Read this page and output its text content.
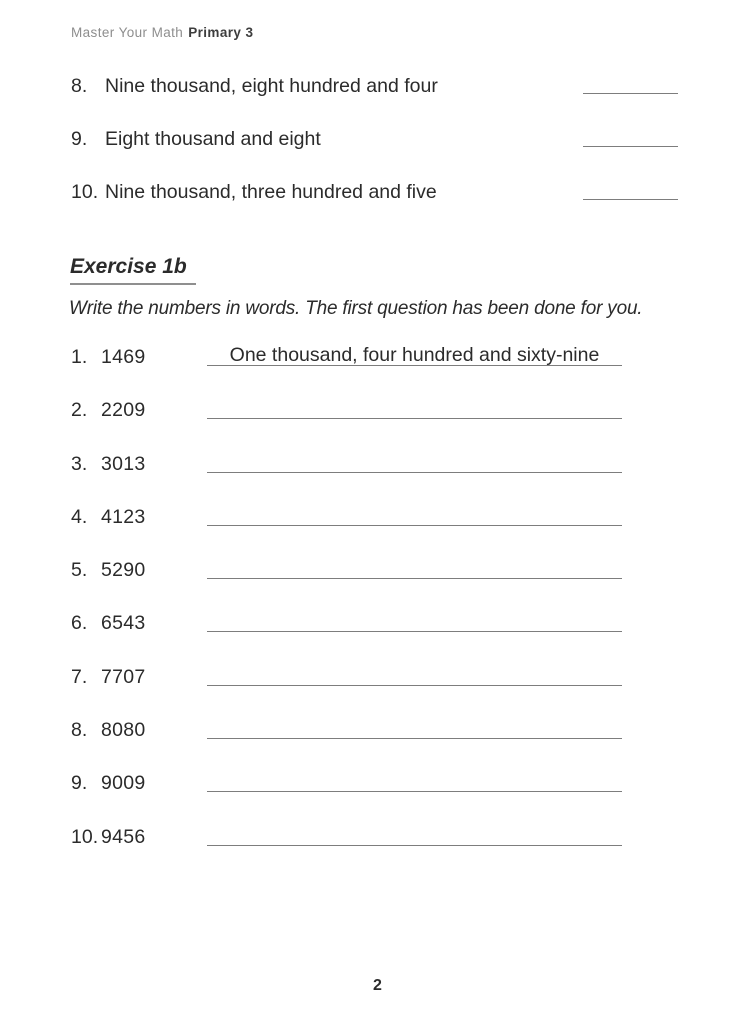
Master Your Math Primary 3
8. Nine thousand, eight hundred and four
9. Eight thousand and eight
10. Nine thousand, three hundred and five
Exercise 1b
Write the numbers in words. The first question has been done for you.
1. 1469	One thousand, four hundred and sixty-nine
2. 2209
3. 3013
4. 4123
5. 5290
6. 6543
7. 7707
8. 8080
9. 9009
10. 9456
2
